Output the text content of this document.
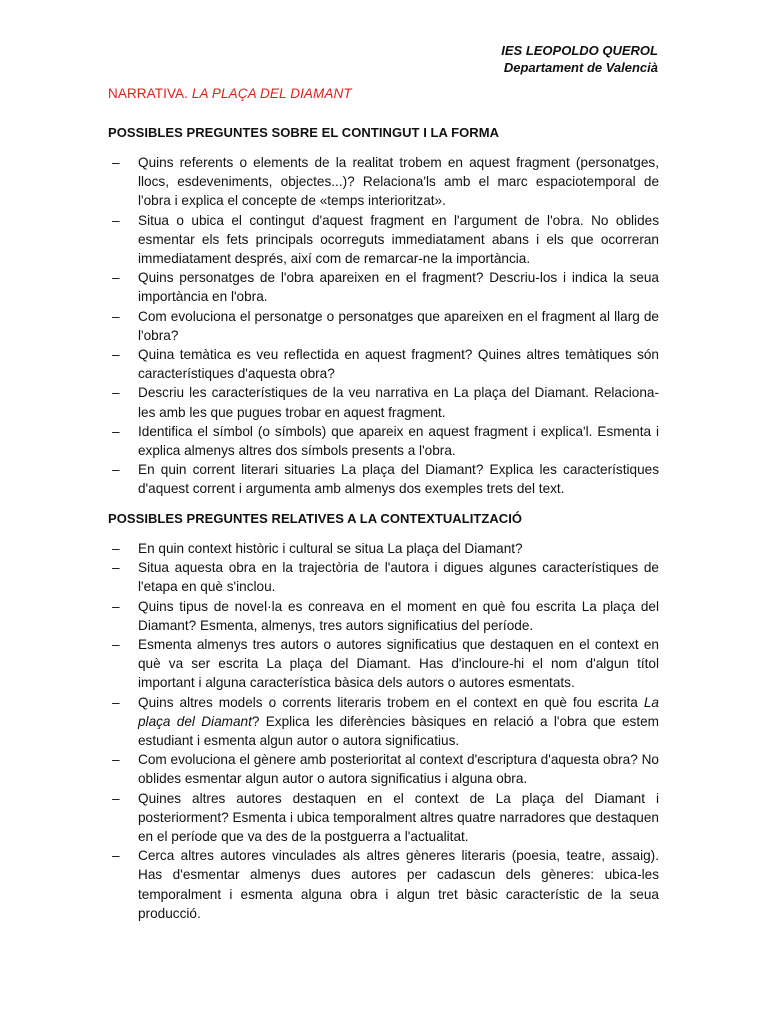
IES LEOPOLDO QUEROL
Departament de Valencià
NARRATIVA. LA PLAÇA DEL DIAMANT
POSSIBLES PREGUNTES SOBRE EL CONTINGUT I LA FORMA
– Quins referents o elements de la realitat trobem en aquest fragment (personatges, llocs, esdeveniments, objectes...)? Relaciona'ls amb el marc espaciotemporal de l'obra i explica el concepte de «temps interioritzat».
– Situa o ubica el contingut d'aquest fragment en l'argument de l'obra. No oblides esmentar els fets principals ocorreguts immediatament abans i els que ocorreran immediatament després, així com de remarcar-ne la importància.
– Quins personatges de l'obra apareixen en el fragment? Descriu-los i indica la seua importància en l'obra.
– Com evoluciona el personatge o personatges que apareixen en el fragment al llarg de l'obra?
– Quina temàtica es veu reflectida en aquest fragment? Quines altres temàtiques són característiques d'aquesta obra?
– Descriu les característiques de la veu narrativa en La plaça del Diamant. Relaciona-les amb les que pugues trobar en aquest fragment.
– Identifica el símbol (o símbols) que apareix en aquest fragment i explica'l. Esmenta i explica almenys altres dos símbols presents a l'obra.
– En quin corrent literari situaries La plaça del Diamant? Explica les característiques d'aquest corrent i argumenta amb almenys dos exemples trets del text.
POSSIBLES PREGUNTES RELATIVES A LA CONTEXTUALITZACIÓ
– En quin context històric i cultural se situa La plaça del Diamant?
– Situa aquesta obra en la trajectòria de l'autora i digues algunes característiques de l'etapa en què s'inclou.
– Quins tipus de novel·la es conreava en el moment en què fou escrita La plaça del Diamant? Esmenta, almenys, tres autors significatius del període.
– Esmenta almenys tres autors o autores significatius que destaquen en el context en què va ser escrita La plaça del Diamant. Has d'incloure-hi el nom d'algun títol important i alguna característica bàsica dels autors o autores esmentats.
– Quins altres models o corrents literaris trobem en el context en què fou escrita La plaça del Diamant? Explica les diferències bàsiques en relació a l'obra que estem estudiant i esmenta algun autor o autora significatius.
– Com evoluciona el gènere amb posterioritat al context d'escriptura d'aquesta obra? No oblides esmentar algun autor o autora significatius i alguna obra.
– Quines altres autores destaquen en el context de La plaça del Diamant i posteriorment? Esmenta i ubica temporalment altres quatre narradores que destaquen en el període que va des de la postguerra a l'actualitat.
– Cerca altres autores vinculades als altres gèneres literaris (poesia, teatre, assaig). Has d'esmentar almenys dues autores per cadascun dels gèneres: ubica-les temporalment i esmenta alguna obra i algun tret bàsic característic de la seua producció.
